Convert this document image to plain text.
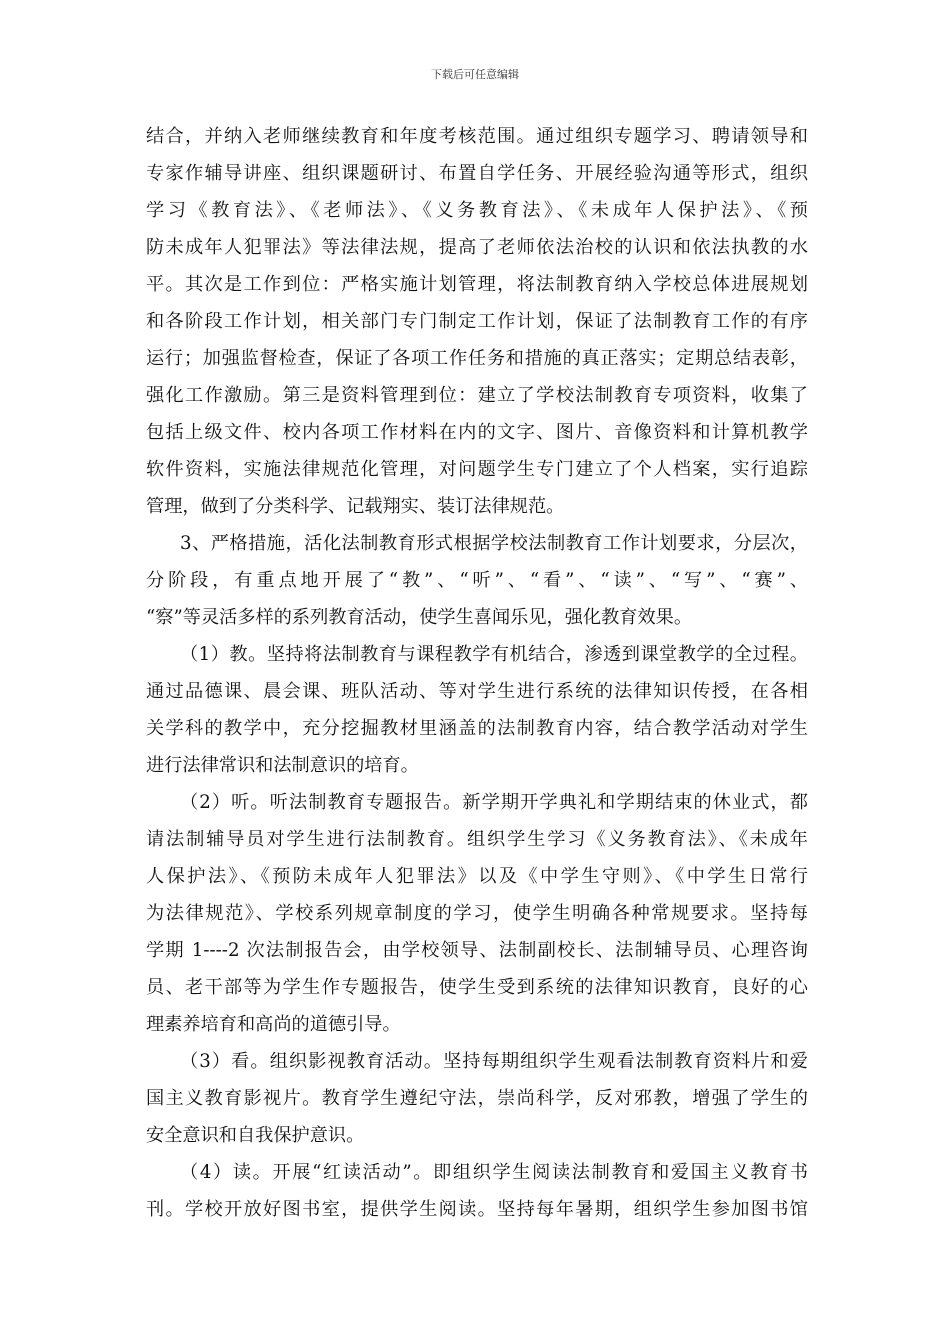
下载后可任意编辑
结合，并纳入老师继续教育和年度考核范围。通过组织专题学习、聘请领导和
专家作辅导讲座、组织课题研讨、布置自学任务、开展经验沟通等形式，组织
学习《教育法》、《老师法》、《义务教育法》、《未成年人保护法》、《预
防未成年人犯罪法》等法律法规，提高了老师依法治校的认识和依法执教的水
平。其次是工作到位：严格实施计划管理，将法制教育纳入学校总体进展规划
和各阶段工作计划，相关部门专门制定工作计划，保证了法制教育工作的有序
运行；加强监督检查，保证了各项工作任务和措施的真正落实；定期总结表彰，
强化工作激励。第三是资料管理到位：建立了学校法制教育专项资料，收集了
包括上级文件、校内各项工作材料在内的文字、图片、音像资料和计算机教学
软件资料，实施法律规范化管理，对问题学生专门建立了个人档案，实行追踪
管理，做到了分类科学、记载翔实、装订法律规范。
3、严格措施，活化法制教育形式根据学校法制教育工作计划要求，分层次，
分阶段，有重点地开展了“教”、“听”、“看”、“读”、“写”、“赛”、
“察”等灵活多样的系列教育活动，使学生喜闻乐见，强化教育效果。
（1）教。坚持将法制教育与课程教学有机结合，渗透到课堂教学的全过程。
通过品德课、晨会课、班队活动、等对学生进行系统的法律知识传授，在各相
关学科的教学中，充分挖掘教材里涵盖的法制教育内容，结合教学活动对学生
进行法律常识和法制意识的培育。
（2）听。听法制教育专题报告。新学期开学典礼和学期结束的休业式，都
请法制辅导员对学生进行法制教育。组织学生学习《义务教育法》、《未成年
人保护法》、《预防未成年人犯罪法》以及《中学生守则》、《中学生日常行
为法律规范》、学校系列规章制度的学习，使学生明确各种常规要求。坚持每
学期 1----2 次法制报告会，由学校领导、法制副校长、法制辅导员、心理咨询
员、老干部等为学生作专题报告，使学生受到系统的法律知识教育，良好的心
理素养培育和高尚的道德引导。
（3）看。组织影视教育活动。坚持每期组织学生观看法制教育资料片和爱
国主义教育影视片。教育学生遵纪守法，崇尚科学，反对邪教，增强了学生的
安全意识和自我保护意识。
（4）读。开展“红读活动”。即组织学生阅读法制教育和爱国主义教育书
刊。学校开放好图书室，提供学生阅读。坚持每年暑期，组织学生参加图书馆
